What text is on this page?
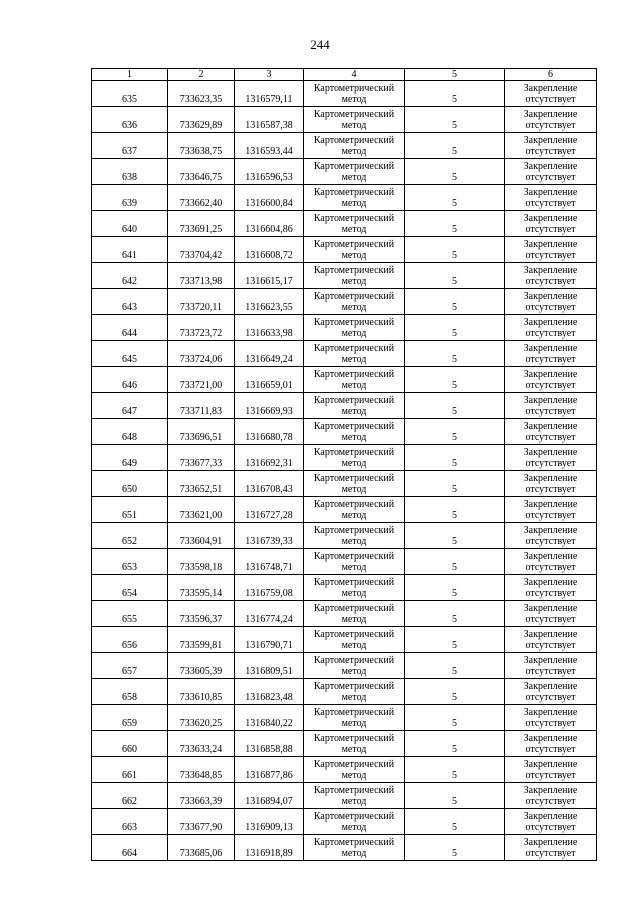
244
1	2	3	4	5	6
635	733623,35	1316579,11	Картометрический метод	5	Закрепление отсутствует
636	733629,89	1316587,38	Картометрический метод	5	Закрепление отсутствует
637	733638,75	1316593,44	Картометрический метод	5	Закрепление отсутствует
638	733646,75	1316596,53	Картометрический метод	5	Закрепление отсутствует
639	733662,40	1316600,84	Картометрический метод	5	Закрепление отсутствует
640	733691,25	1316604,86	Картометрический метод	5	Закрепление отсутствует
641	733704,42	1316608,72	Картометрический метод	5	Закрепление отсутствует
642	733713,98	1316615,17	Картометрический метод	5	Закрепление отсутствует
643	733720,11	1316623,55	Картометрический метод	5	Закрепление отсутствует
644	733723,72	1316633,98	Картометрический метод	5	Закрепление отсутствует
645	733724,06	1316649,24	Картометрический метод	5	Закрепление отсутствует
646	733721,00	1316659,01	Картометрический метод	5	Закрепление отсутствует
647	733711,83	1316669,93	Картометрический метод	5	Закрепление отсутствует
648	733696,51	1316680,78	Картометрический метод	5	Закрепление отсутствует
649	733677,33	1316692,31	Картометрический метод	5	Закрепление отсутствует
650	733652,51	1316708,43	Картометрический метод	5	Закрепление отсутствует
651	733621,00	1316727,28	Картометрический метод	5	Закрепление отсутствует
652	733604,91	1316739,33	Картометрический метод	5	Закрепление отсутствует
653	733598,18	1316748,71	Картометрический метод	5	Закрепление отсутствует
654	733595,14	1316759,08	Картометрический метод	5	Закрепление отсутствует
655	733596,37	1316774,24	Картометрический метод	5	Закрепление отсутствует
656	733599,81	1316790,71	Картометрический метод	5	Закрепление отсутствует
657	733605,39	1316809,51	Картометрический метод	5	Закрепление отсутствует
658	733610,85	1316823,48	Картометрический метод	5	Закрепление отсутствует
659	733620,25	1316840,22	Картометрический метод	5	Закрепление отсутствует
660	733633,24	1316858,88	Картометрический метод	5	Закрепление отсутствует
661	733648,85	1316877,86	Картометрический метод	5	Закрепление отсутствует
662	733663,39	1316894,07	Картометрический метод	5	Закрепление отсутствует
663	733677,90	1316909,13	Картометрический метод	5	Закрепление отсутствует
664	733685,06	1316918,89	Картометрический метод	5	Закрепление отсутствует
